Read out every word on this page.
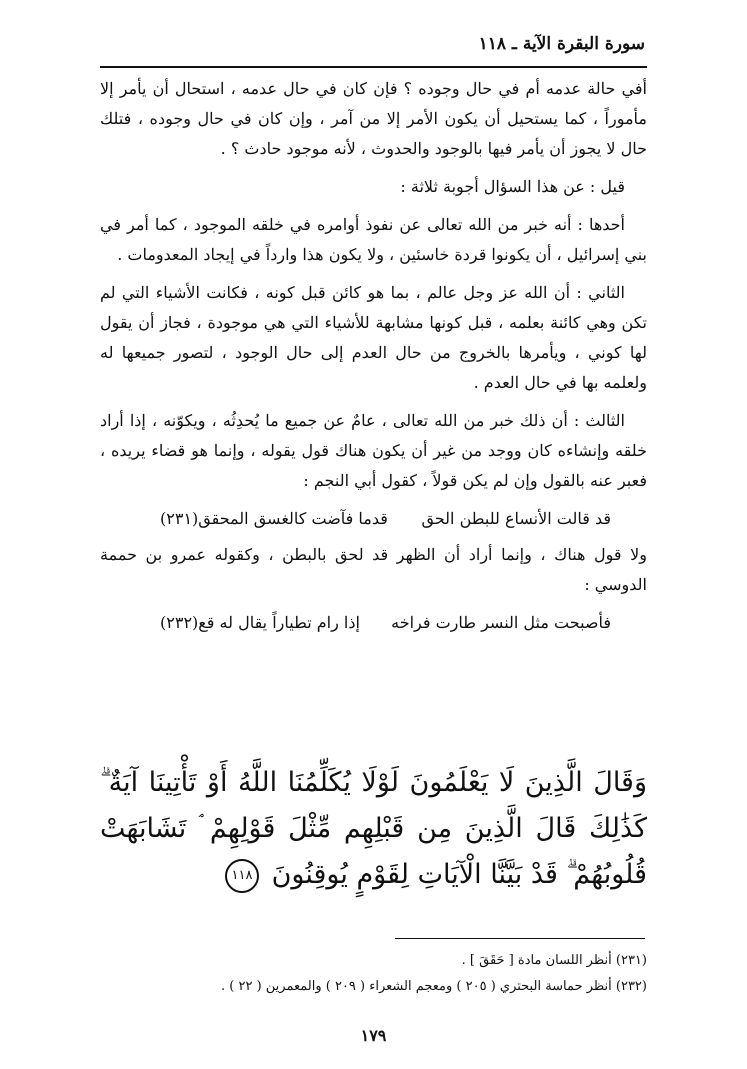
سورة البقرة الآية ـ ١١٨

أفي حالة عدمه أم في حال وجوده ؟ فإن كان في حال عدمه ، استحال أن يأمر إلا مأموراً ، كما يستحيل أن يكون الأمر إلا من آمر ، وإن كان في حال وجوده ، فتلك حال لا يجوز أن يأمر فيها بالوجود والحدوث ، لأنه موجود حادث ؟ .

قيل : عن هذا السؤال أجوبة ثلاثة :

أحدها : أنه خبر من الله تعالى عن نفوذ أوامره في خلقه الموجود ، كما أمر في بني إسرائيل ، أن يكونوا قردة خاسئين ، ولا يكون هذا وارداً في إيجاد المعدومات .

الثاني : أن الله عز وجل عالم ، بما هو كائن قبل كونه ، فكانت الأشياء التي لم تكن وهي كائنة بعلمه ، قبل كونها مشابهة للأشياء التي هي موجودة ، فجاز أن يقول لها كوني ، ويأمرها بالخروج من حال العدم إلى حال الوجود ، لتصور جميعها له ولعلمه بها في حال العدم .

الثالث : أن ذلك خبر من الله تعالى ، عامٌ عن جميع ما يُحدِثُه ، ويكوّنه ، إذا أراد خلقه وإنشاءه كان ووجد من غير أن يكون هناك قول يقوله ، وإنما هو قضاء يريده ، فعبر عنه بالقول وإن لم يكن قولاً ، كقول أبي النجم :

قد قالت الأنساع للبطن الحق
قدما فآضت كالغسق المحقق(٢٣١)

ولا قول هناك ، وإنما أراد أن الظهر قد لحق بالبطن ، وكقوله عمرو بن حممة الدوسي :

فأصبحت مثل النسر طارت فراخه
إذا رام تطياراً يقال له قع(٢٣٢)
وَقَالَ الَّذِينَ لَا يَعْلَمُونَ لَوْلَا يُكَلِّمُنَا اللَّهُ أَوْ تَأْتِينَا آيَةٌ ۗ كَذَٰلِكَ قَالَ الَّذِينَ مِن قَبْلِهِم مِّثْلَ قَوْلِهِمْ ۘ تَشَابَهَتْ قُلُوبُهُمْ ۗ قَدْ بَيَّنَّا الْآيَاتِ لِقَوْمٍ يُوقِنُونَ ١١٨

(٢٣١) أنظر اللسان مادة [ حَقَقَ ] .

(٢٣٢) أنظر حماسة البحتري ( ٢٠٥ ) ومعجم الشعراء ( ٢٠٩ ) والمعمرين ( ٢٢ ) .

١٧٩
